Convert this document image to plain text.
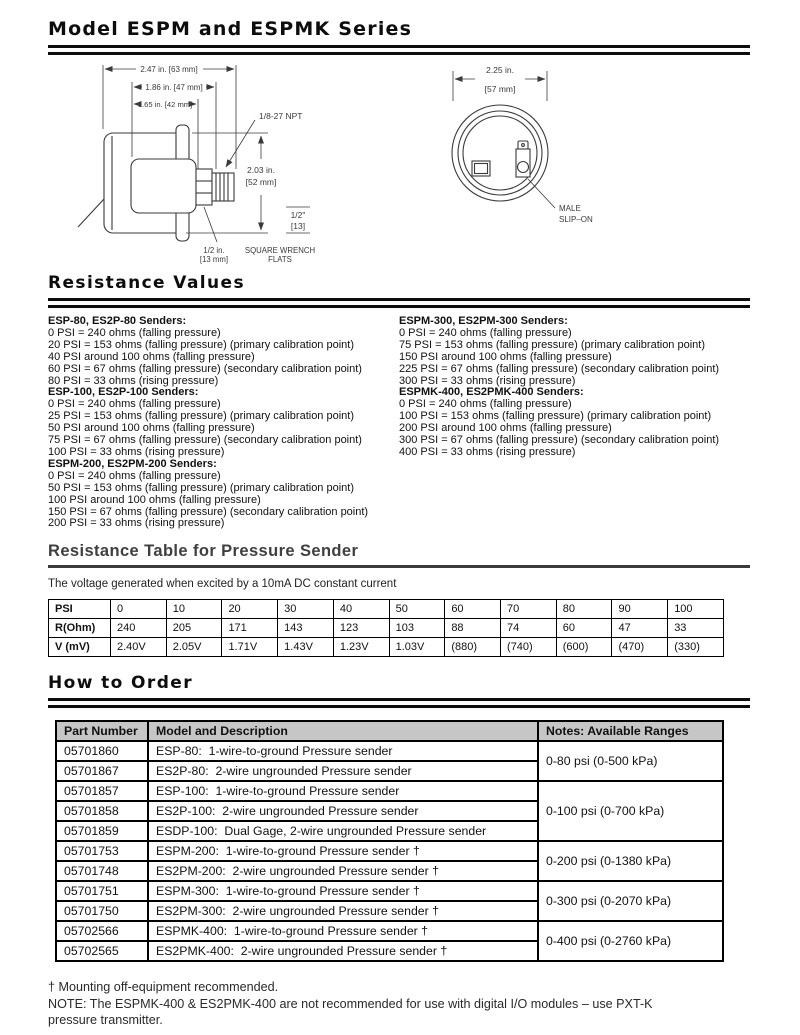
Model ESPM and ESPMK Series
2.47 in. [63 mm]
1.86 in. [47 mm]
1.65 in. [42 mm]
1/8-27 NPT
2.03 in.
[52 mm]
1/2"
[13]
1/2 in.
[13 mm]
SQUARE WRENCH
FLATS
2.25 in.
[57 mm]
MALE
SLIP–ON
Resistance Values
ESP-80, ES2P-80 Senders:
0 PSI = 240 ohms (falling pressure)
20 PSI = 153 ohms (falling pressure) (primary calibration point)
40 PSI around 100 ohms (falling pressure)
60 PSI = 67 ohms (falling pressure) (secondary calibration point)
80 PSI = 33 ohms (rising pressure)
ESP-100, ES2P-100 Senders:
0 PSI = 240 ohms (falling pressure)
25 PSI = 153 ohms (falling pressure) (primary calibration point)
50 PSI around 100 ohms (falling pressure)
75 PSI = 67 ohms (falling pressure) (secondary calibration point)
100 PSI = 33 ohms (rising pressure)
ESPM-200, ES2PM-200 Senders:
0 PSI = 240 ohms (falling pressure)
50 PSI = 153 ohms (falling pressure) (primary calibration point)
100 PSI around 100 ohms (falling pressure)
150 PSI = 67 ohms (falling pressure) (secondary calibration point)
200 PSI = 33 ohms (rising pressure)
ESPM-300, ES2PM-300 Senders:
0 PSI = 240 ohms (falling pressure)
75 PSI = 153 ohms (falling pressure) (primary calibration point)
150 PSI around 100 ohms (falling pressure)
225 PSI = 67 ohms (falling pressure) (secondary calibration point)
300 PSI = 33 ohms (rising pressure)
ESPMK-400, ES2PMK-400 Senders:
0 PSI = 240 ohms (falling pressure)
100 PSI = 153 ohms (falling pressure) (primary calibration point)
200 PSI around 100 ohms (falling pressure)
300 PSI = 67 ohms (falling pressure) (secondary calibration point)
400 PSI = 33 ohms (rising pressure)
Resistance Table for Pressure Sender
The voltage generated when excited by a 10mA DC constant current
PSI	0	10	20	30	40	50	60	70	80	90	100
R(Ohm)	240	205	171	143	123	103	88	74	60	47	33
V (mV)	2.40V	2.05V	1.71V	1.43V	1.23V	1.03V	(880)	(740)	(600)	(470)	(330)
How to Order
Part Number	Model and Description	Notes: Available Ranges
05701860	ESP-80:  1-wire-to-ground Pressure sender	0-80 psi (0-500 kPa)
05701867	ES2P-80:  2-wire ungrounded Pressure sender	
05701857	ESP-100:  1-wire-to-ground Pressure sender	0-100 psi (0-700 kPa)
05701858	ES2P-100:  2-wire ungrounded Pressure sender	
05701859	ESDP-100:  Dual Gage, 2-wire ungrounded Pressure sender	
05701753	ESPM-200:  1-wire-to-ground Pressure sender †	0-200 psi (0-1380 kPa)
05701748	ES2PM-200:  2-wire ungrounded Pressure sender †	
05701751	ESPM-300:  1-wire-to-ground Pressure sender †	0-300 psi (0-2070 kPa)
05701750	ES2PM-300:  2-wire ungrounded Pressure sender †	
05702566	ESPMK-400:  1-wire-to-ground Pressure sender †	0-400 psi (0-2760 kPa)
05702565	ES2PMK-400:  2-wire ungrounded Pressure sender †	
† Mounting off-equipment recommended.
NOTE: The ESPMK-400 & ES2PMK-400 are not recommended for use with digital I/O modules – use PXT-K
pressure transmitter.
